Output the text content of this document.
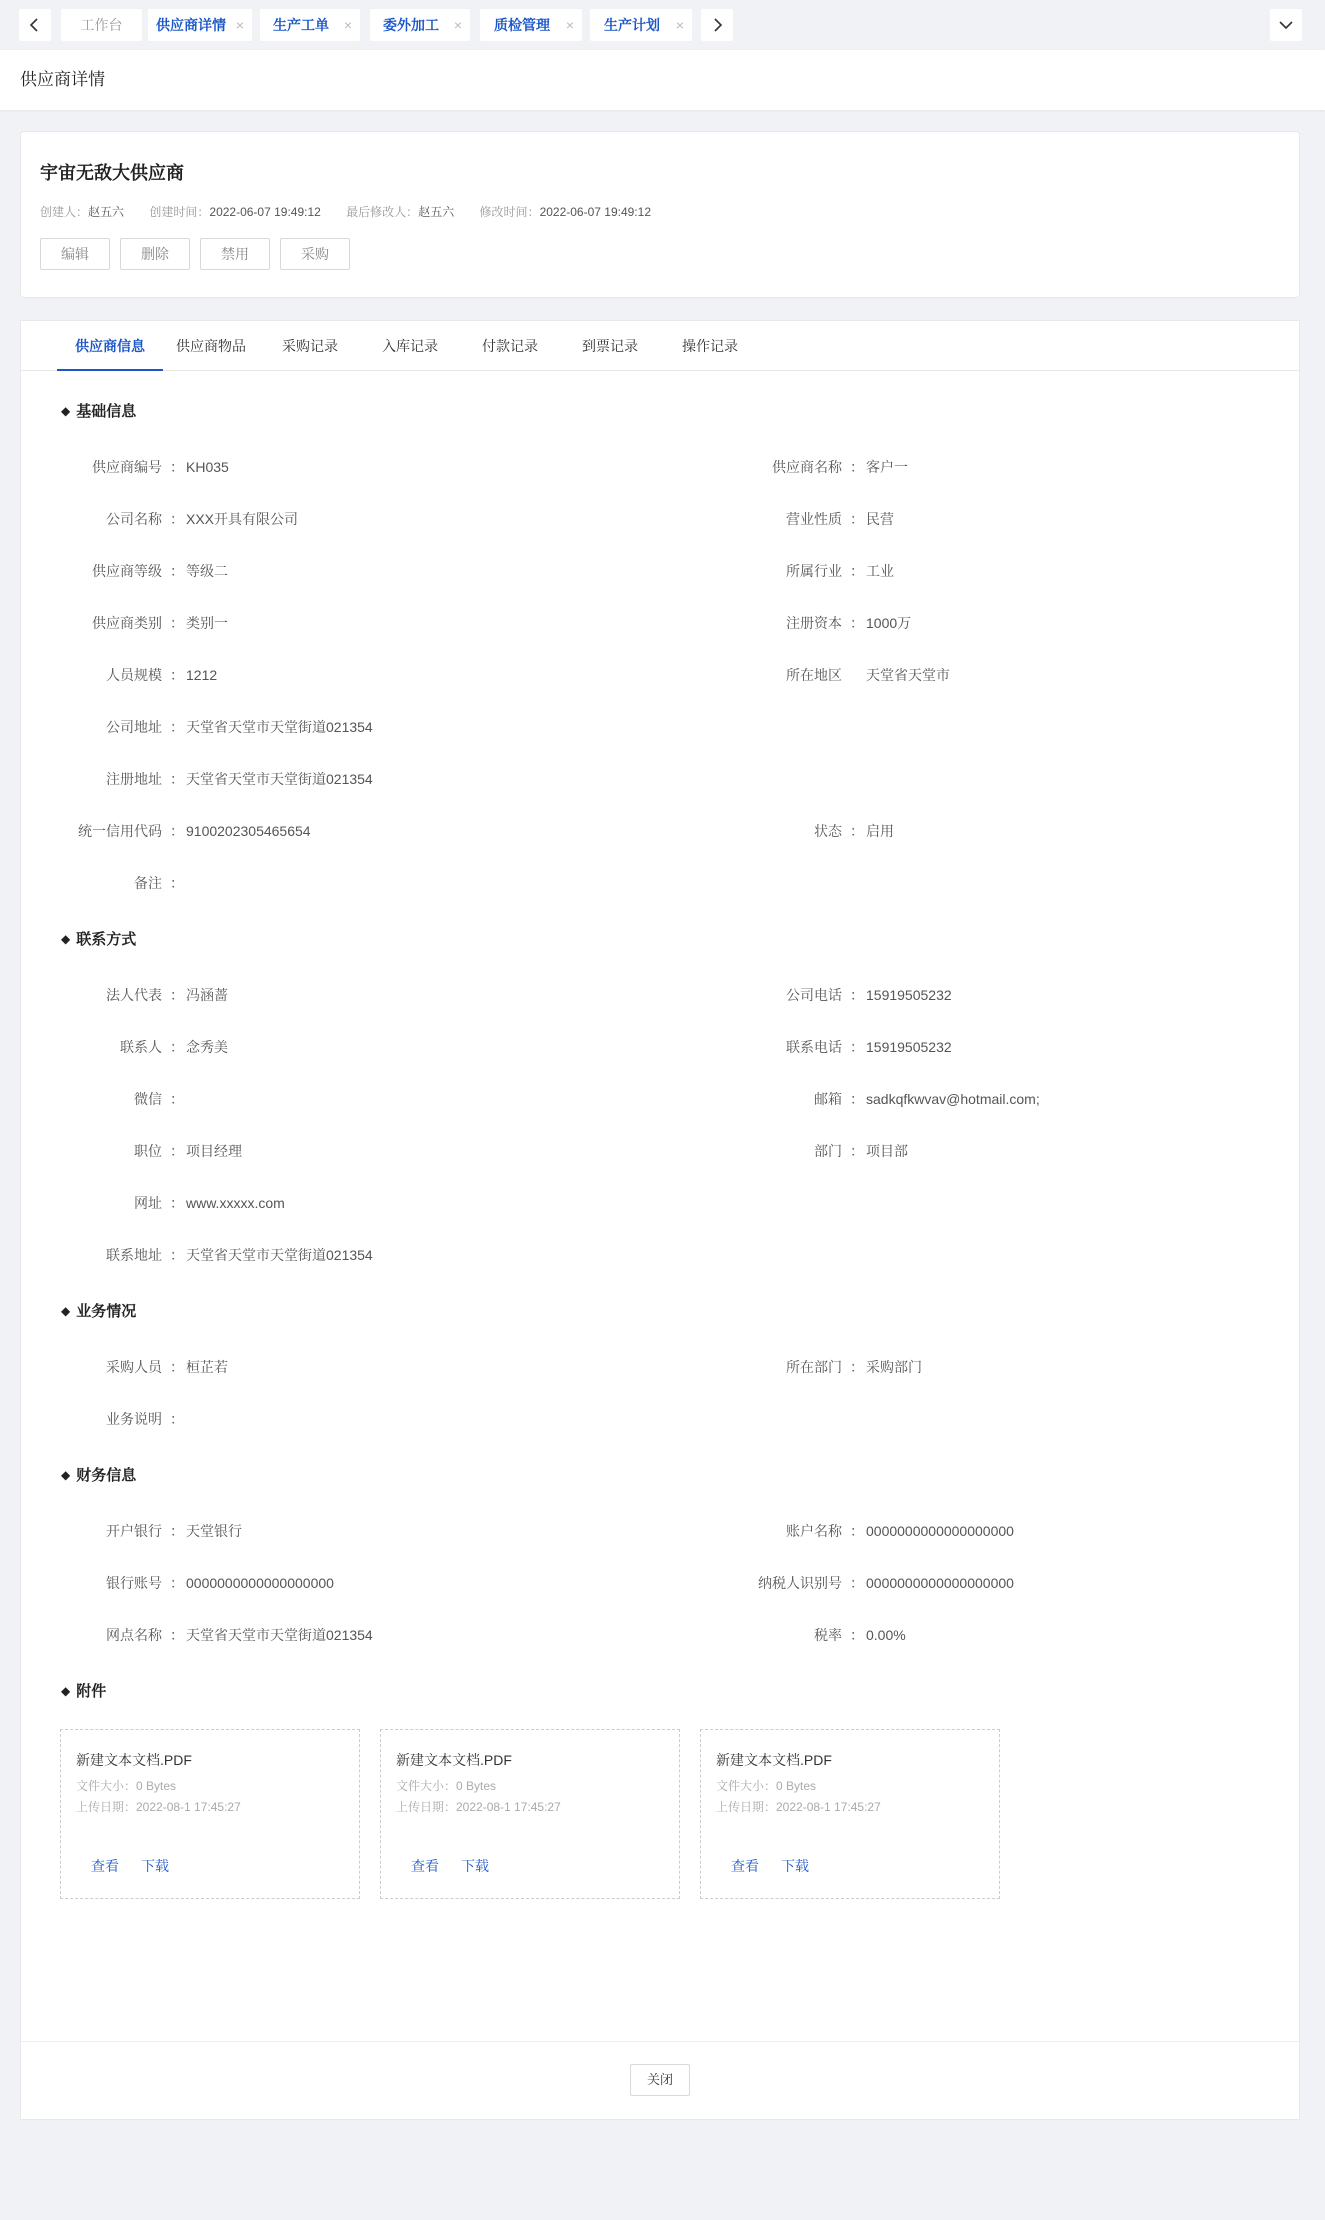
工作台	供应商详情 ×	生产工单	×	委外加工	×	质检管理	×	生产计划	×
供应商详情
宇宙无敌大供应商
创建人：赵五六 创建时间：2022-06-07 19:49:12 最后修改人：赵五六 修改时间：2022-06-07 19:49:12
编辑	删除	禁用	采购
供应商信息	供应商物品	采购记录	入库记录	付款记录	到票记录	操作记录
◆ 基础信息
供应商编号 ： KH035	供应商名称 ： 客户一
公司名称 ： XXX开具有限公司	营业性质 ： 民营
供应商等级 ： 等级二	所属行业 ： 工业
供应商类别 ： 类别一	注册资本 ： 1000万
人员规模 ： 1212	所在地区	天堂省天堂市
公司地址 ： 天堂省天堂市天堂街道021354
注册地址 ： 天堂省天堂市天堂街道021354
统一信用代码 ： 9100202305465654	状态 ： 启用
备注 ：
◆ 联系方式
法人代表 ： 冯涵蔷	公司电话 ： 15919505232
联系人 ： 念秀美	联系电话 ： 15919505232
微信 ：	邮箱 ： sadkqfkwvav@hotmail.com;
职位 ： 项目经理	部门 ： 项目部
网址 ： www.xxxxx.com
联系地址 ： 天堂省天堂市天堂街道021354
◆ 业务情况
采购人员 ： 桓芷若	所在部门 ： 采购部门
业务说明 ：
◆ 财务信息
开户银行 ： 天堂银行	账户名称 ： 0000000000000000000
银行账号 ： 0000000000000000000	纳税人识别号 ： 0000000000000000000
网点名称 ： 天堂省天堂市天堂街道021354	税率 ： 0.00%
◆ 附件
新建文本文档.PDF
文件大小：0 Bytes
上传日期：2022-08-1 17:45:27
查看 下载
新建文本文档.PDF
文件大小：0 Bytes
上传日期：2022-08-1 17:45:27
查看 下载
新建文本文档.PDF
文件大小：0 Bytes
上传日期：2022-08-1 17:45:27
查看 下载
关闭
